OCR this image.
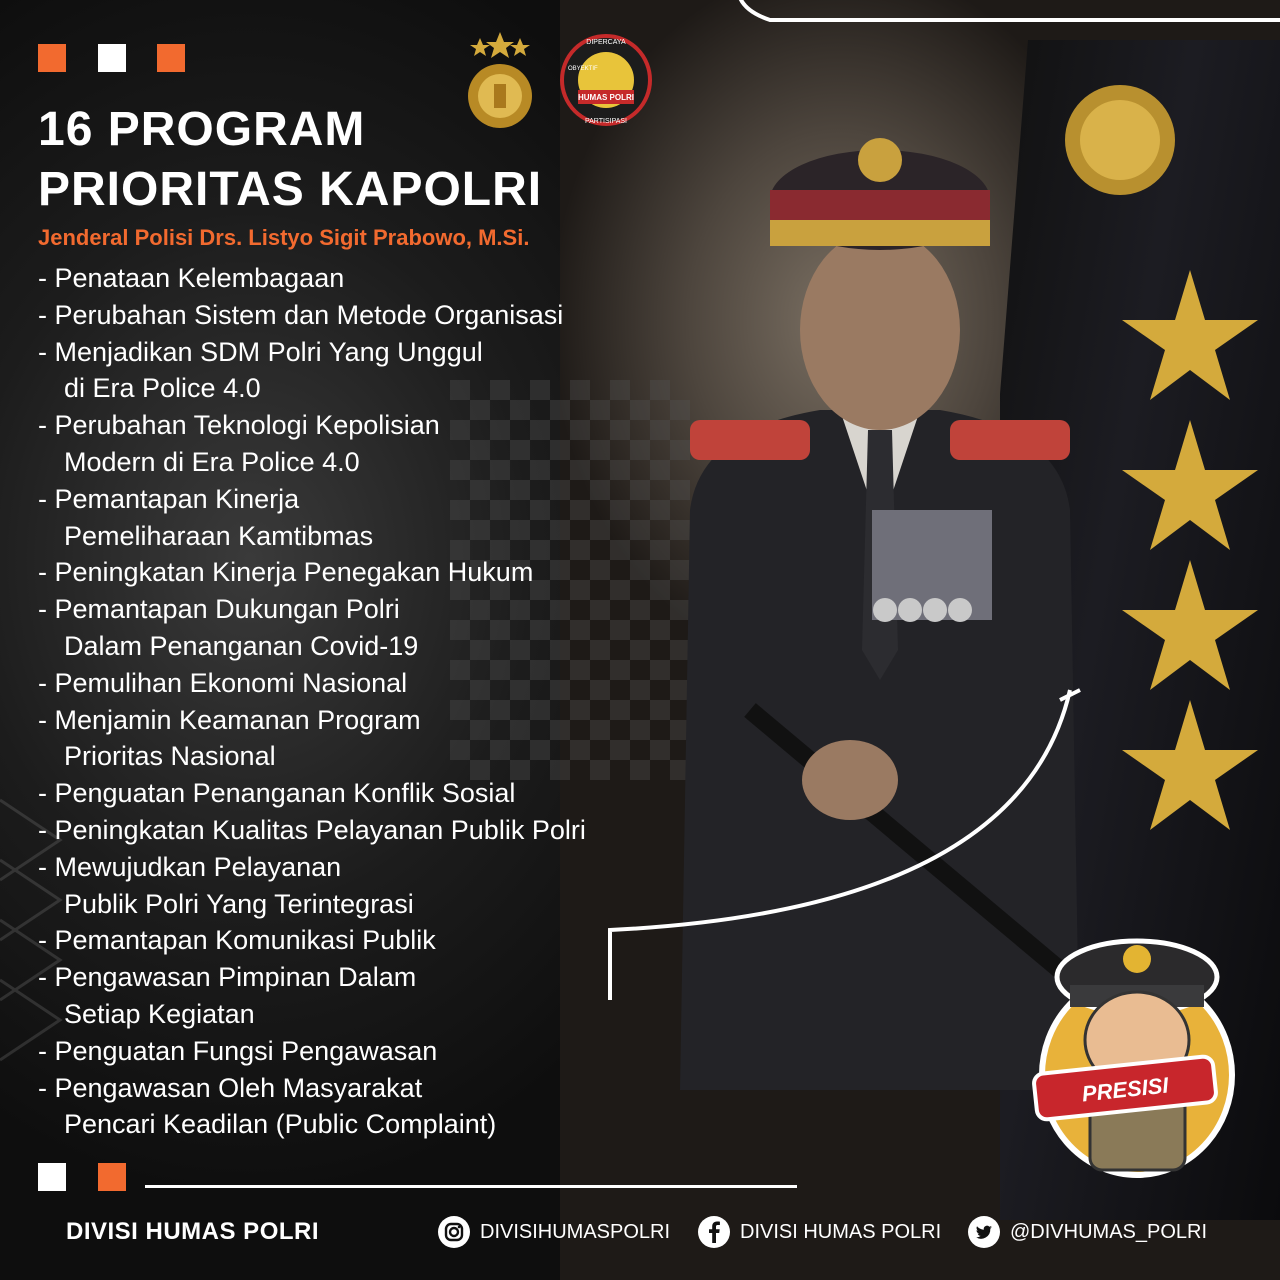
HUMAS POLRI
DIPERCAYA
PARTISIPASI
OBYEKTIF
16 PROGRAM
PRIORITAS KAPOLRI

Jenderal Polisi Drs. Listyo Sigit Prabowo, M.Si.

- Penataan Kelembagaan
- Perubahan Sistem dan Metode Organisasi
- Menjadikan SDM Polri Yang Unggul
di Era Police 4.0
- Perubahan Teknologi Kepolisian
Modern di Era Police 4.0
- Pemantapan Kinerja
Pemeliharaan Kamtibmas
- Peningkatan Kinerja Penegakan Hukum
- Pemantapan Dukungan Polri
Dalam Penanganan Covid-19
- Pemulihan Ekonomi Nasional
- Menjamin Keamanan Program
Prioritas Nasional
- Penguatan Penanganan Konflik Sosial
- Peningkatan Kualitas Pelayanan Publik Polri
- Mewujudkan Pelayanan
Publik Polri Yang Terintegrasi
- Pemantapan Komunikasi Publik
- Pengawasan Pimpinan Dalam
Setiap Kegiatan
- Penguatan Fungsi Pengawasan
- Pengawasan Oleh Masyarakat
Pencari Keadilan (Public Complaint)
PRESISI
DIVISI HUMAS POLRI	DIVISIHUMASPOLRI	DIVISI HUMAS POLRI	@DIVHUMAS_POLRI
